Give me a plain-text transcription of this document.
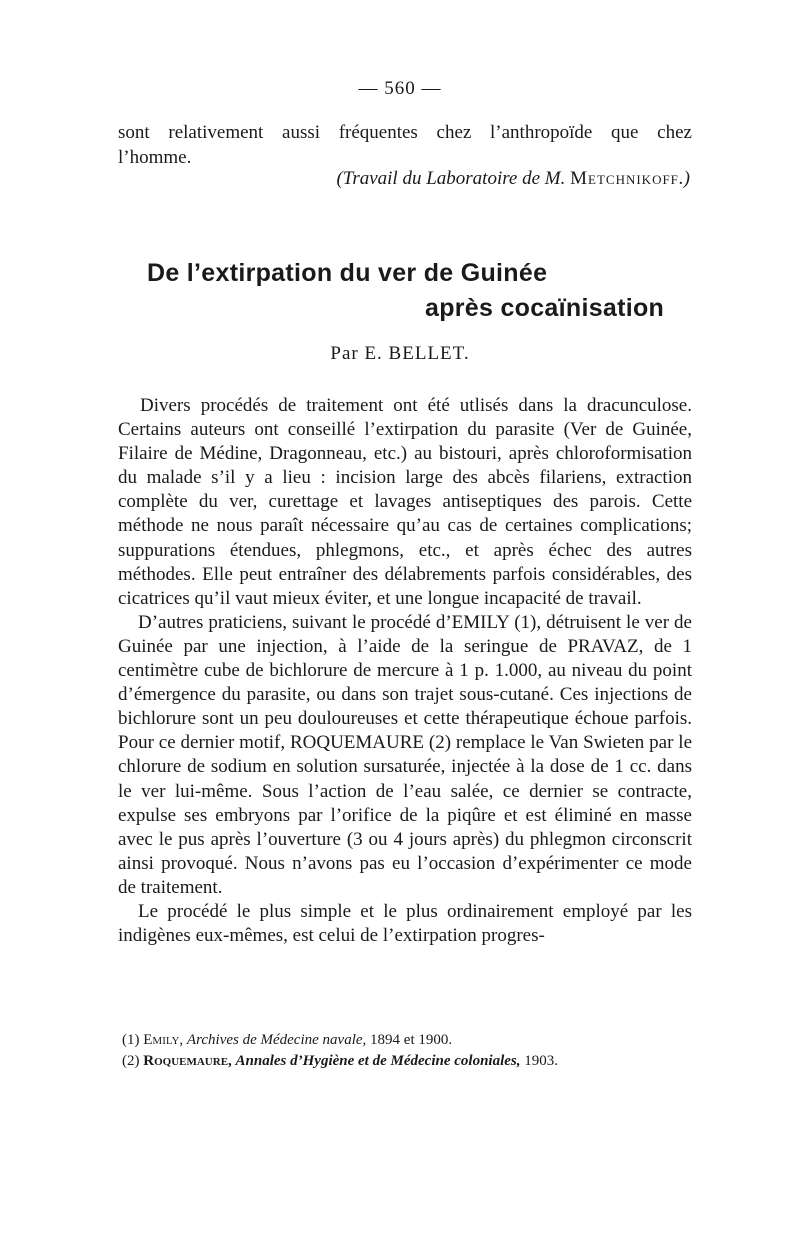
— 560 —
sont relativement aussi fréquentes chez l’anthropoïde que chez
l’homme.
(Travail du Laboratoire de M. Metchnikoff.)
De l’extirpation du ver de Guinée
après cocaïnisation
Par E. BELLET.

Divers procédés de traitement ont été utlisés dans la dracunculose. Certains auteurs ont conseillé l’extirpation du parasite (Ver de Guinée, Filaire de Médine, Dragonneau, etc.) au bistouri, après chloroformisation du malade s’il y a lieu : incision large des abcès filariens, extraction complète du ver, curettage et lavages antiseptiques des parois. Cette méthode ne nous paraît nécessaire qu’au cas de certaines complications; suppurations étendues, phlegmons, etc., et après échec des autres méthodes. Elle peut entraîner des délabrements parfois considérables, des cicatrices qu’il vaut mieux éviter, et une longue incapacité de travail.

D’autres praticiens, suivant le procédé d’EMILY (1), détruisent le ver de Guinée par une injection, à l’aide de la seringue de PRAVAZ, de 1 centimètre cube de bichlorure de mercure à 1 p. 1.000, au niveau du point d’émergence du parasite, ou dans son trajet sous-cutané. Ces injections de bichlorure sont un peu douloureuses et cette thérapeutique échoue parfois. Pour ce dernier motif, ROQUEMAURE (2) remplace le Van Swieten par le chlorure de sodium en solution sursaturée, injectée à la dose de 1 cc. dans le ver lui-même. Sous l’action de l’eau salée, ce dernier se contracte, expulse ses embryons par l’orifice de la piqûre et est éliminé en masse avec le pus après l’ouverture (3 ou 4 jours après) du phlegmon circonscrit ainsi provoqué. Nous n’avons pas eu l’occasion d’expérimenter ce mode de traitement.

Le procédé le plus simple et le plus ordinairement employé par les indigènes eux-mêmes, est celui de l’extirpation progres-

(1) Emily, Archives de Médecine navale, 1894 et 1900.
(2) Roquemaure, Annales d’Hygiène et de Médecine coloniales, 1903.
